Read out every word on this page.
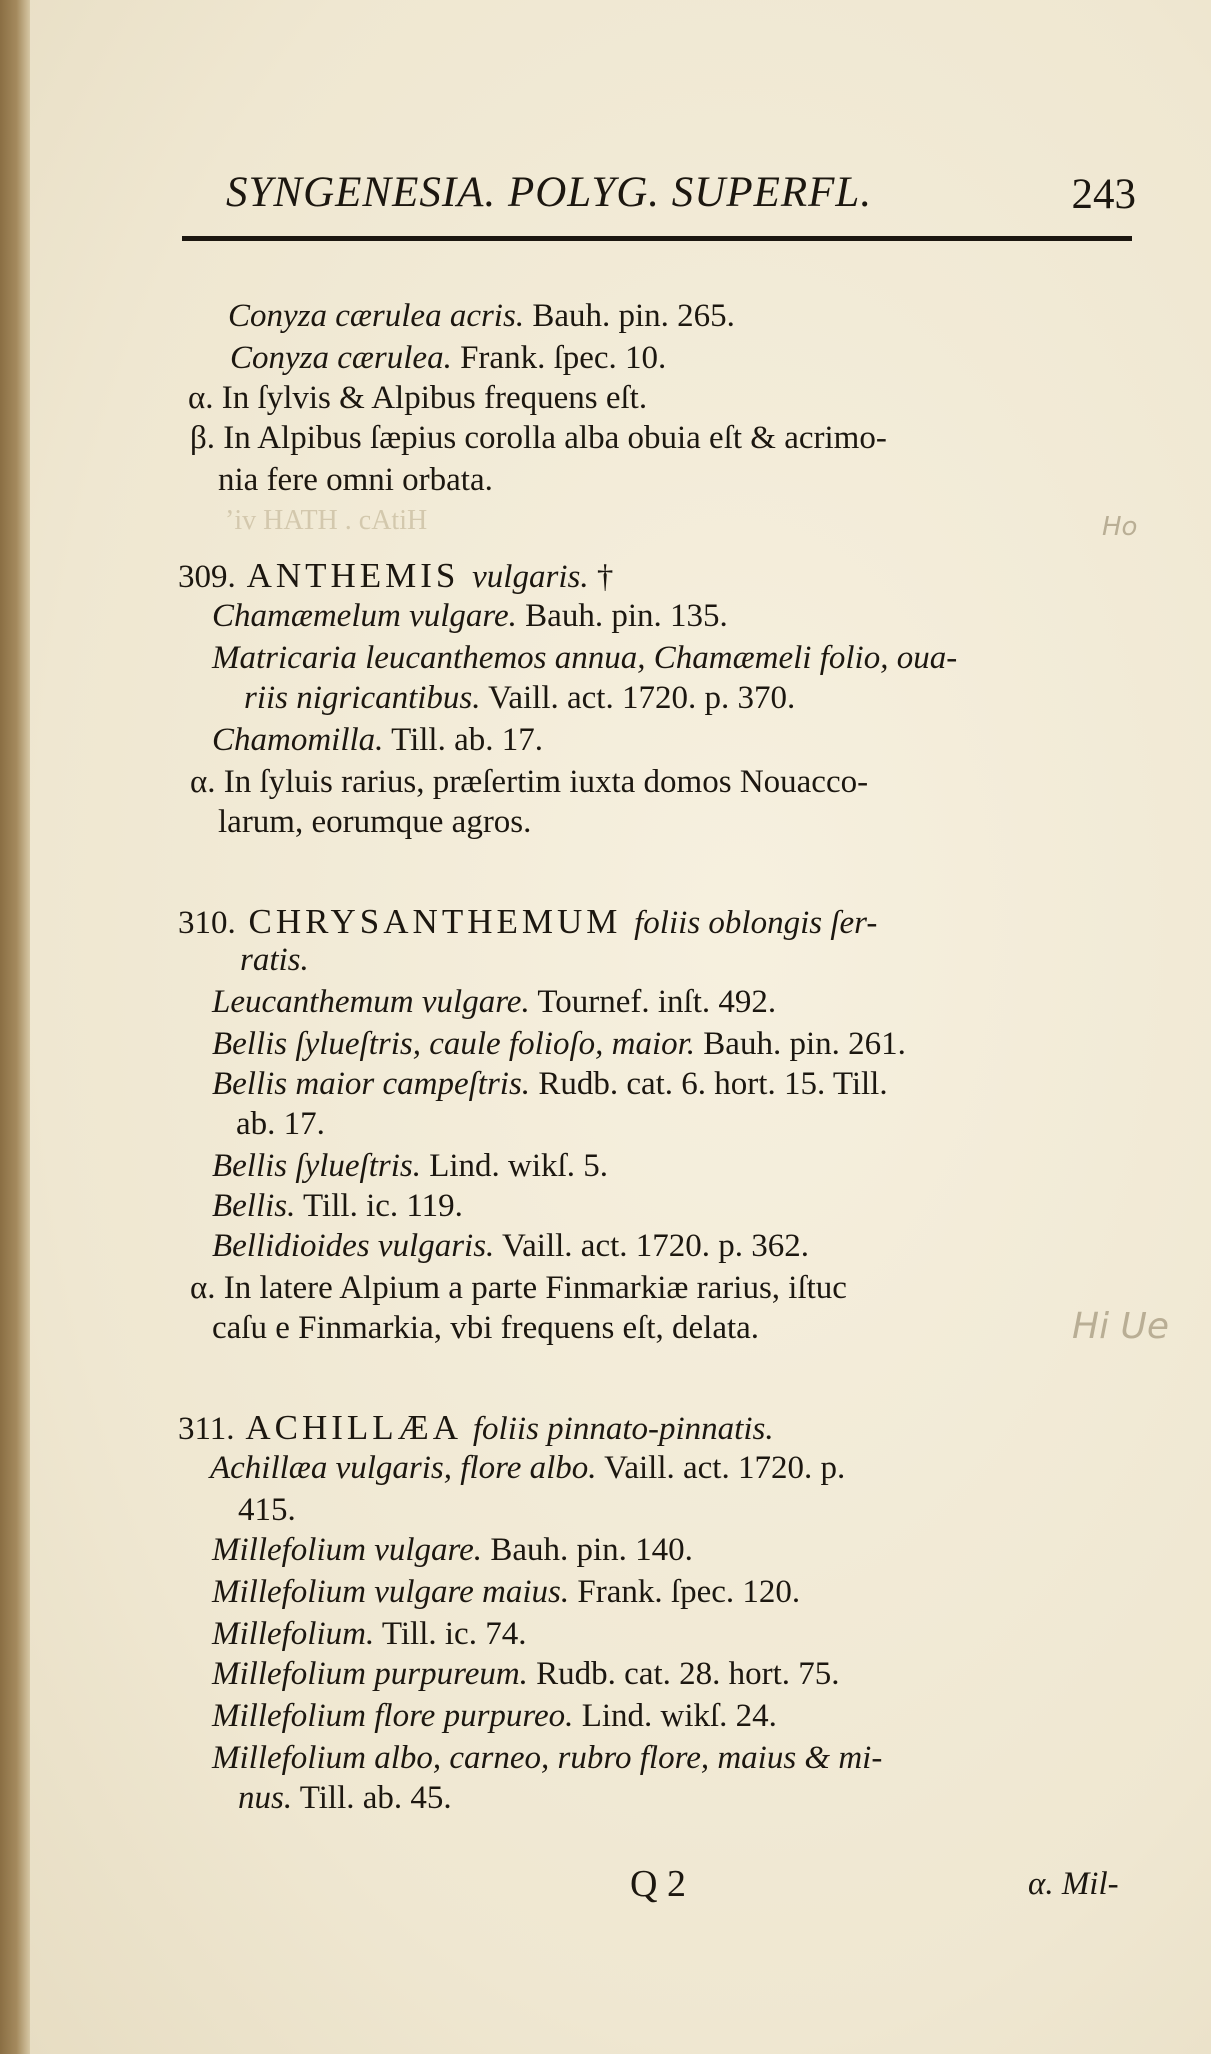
ʼiv HATH . cAtiH
SYNGENESIA. POLYG. SUPERFL.	243
Conyza cærulea acris. Bauh. pin. 265.
Conyza cærulea. Frank. ſpec. 10.
α. In ſylvis & Alpibus frequens eſt.
β. In Alpibus ſæpius corolla alba obuia eſt & acrimo-
nia fere omni orbata.
309. ANTHEMIS vulgaris. †
Chamæmelum vulgare. Bauh. pin. 135.
Matricaria leucanthemos annua, Chamæmeli folio, oua-
riis nigricantibus. Vaill. act. 1720. p. 370.
Chamomilla. Till. ab. 17.
α. In ſyluis rarius, præſertim iuxta domos Nouacco-
larum, eorumque agros.
310. CHRYSANTHEMUM foliis oblongis ſer-
ratis.
Leucanthemum vulgare. Tournef. inſt. 492.
Bellis ſylueſtris, caule folioſo, maior. Bauh. pin. 261.
Bellis maior campeſtris. Rudb. cat. 6. hort. 15. Till.
ab. 17.
Bellis ſylueſtris. Lind. wikſ. 5.
Bellis. Till. ic. 119.
Bellidioides vulgaris. Vaill. act. 1720. p. 362.
α. In latere Alpium a parte Finmarkiæ rarius, iſtuc
caſu e Finmarkia, vbi frequens eſt, delata.
311. ACHILLÆA foliis pinnato-pinnatis.
Achillæa vulgaris, flore albo. Vaill. act. 1720. p.
415.
Millefolium vulgare. Bauh. pin. 140.
Millefolium vulgare maius. Frank. ſpec. 120.
Millefolium. Till. ic. 74.
Millefolium purpureum. Rudb. cat. 28. hort. 75.
Millefolium flore purpureo. Lind. wikſ. 24.
Millefolium albo, carneo, rubro flore, maius & mi-
nus. Till. ab. 45.
Q 2	α. Mil-
Hi Ue
Ho
